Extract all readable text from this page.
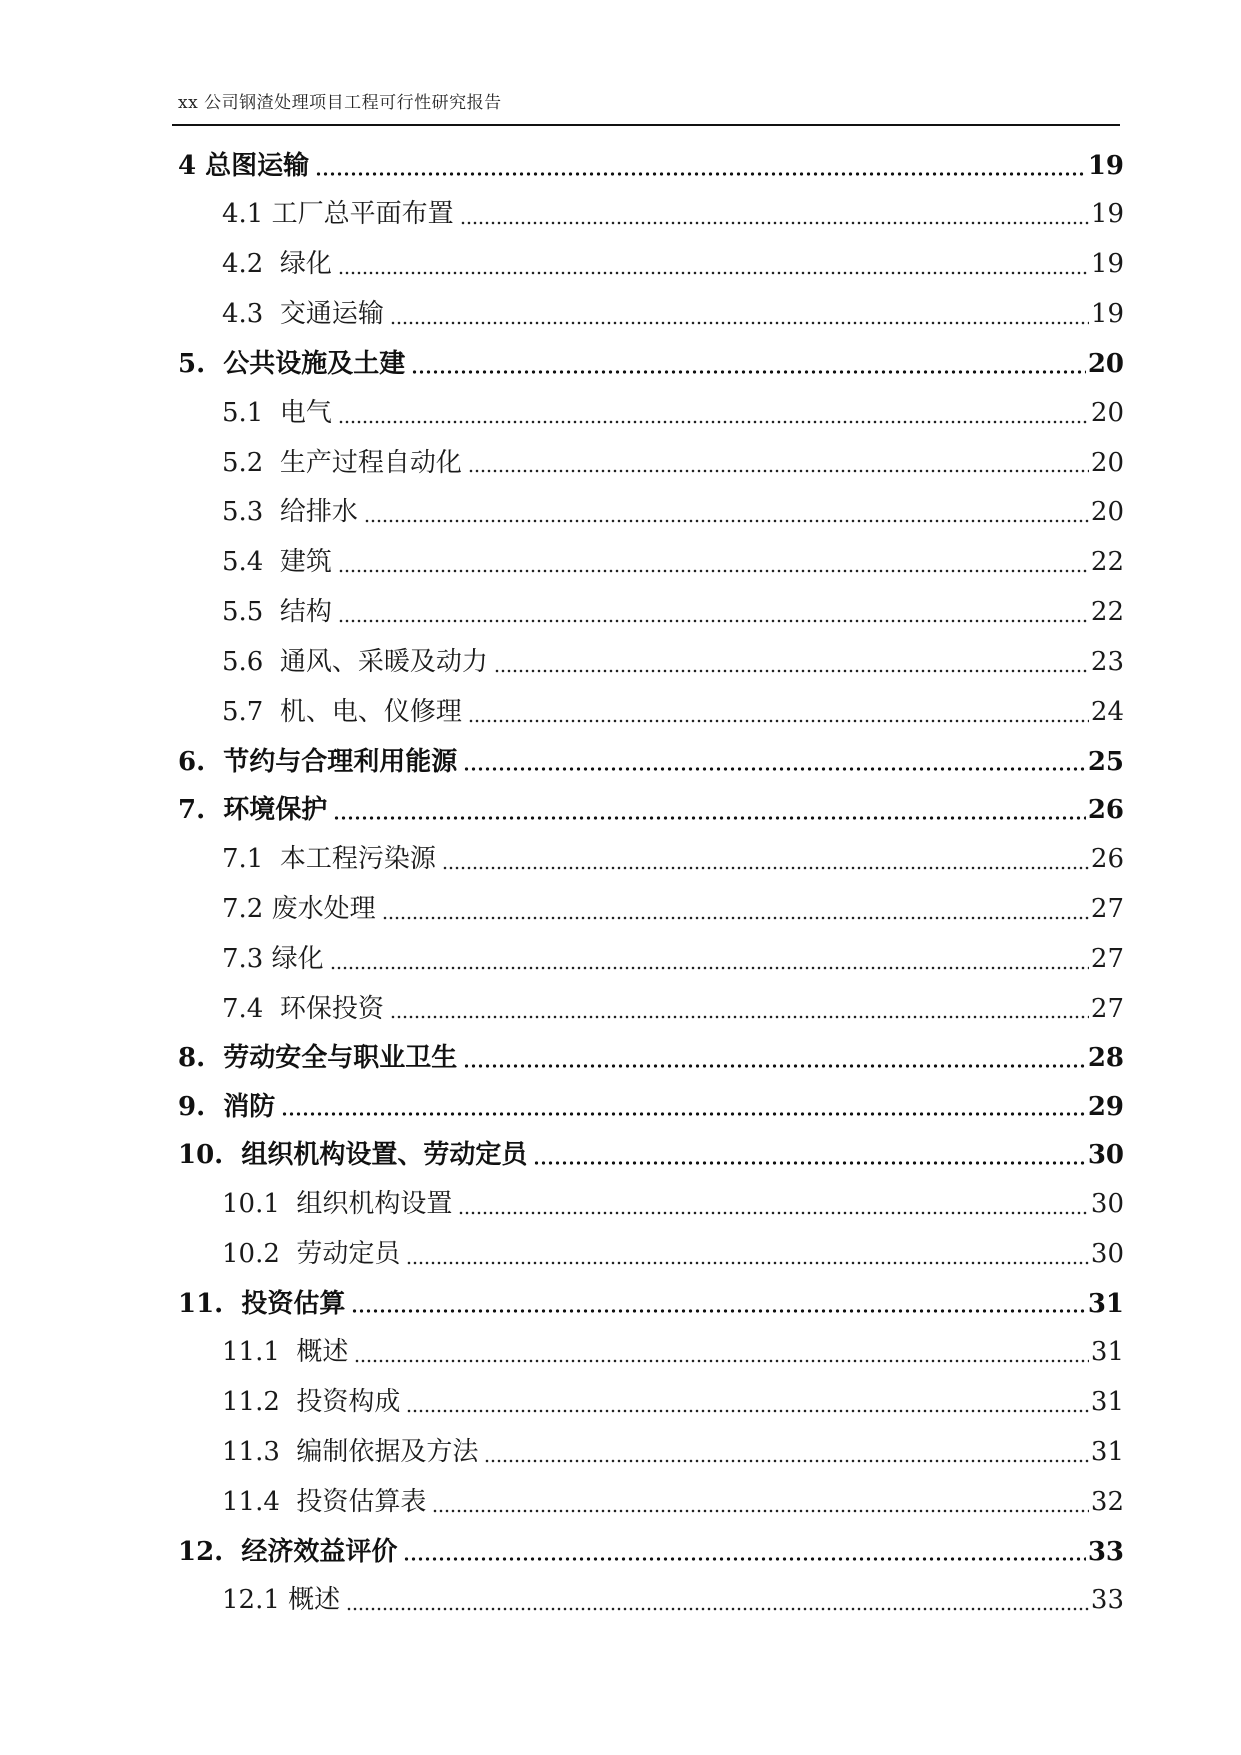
xx 公司钢渣处理项目工程可行性研究报告
4 总图运输	19
4.1 工厂总平面布置	19
4.2  绿化	19
4.3  交通运输	19
5.  公共设施及土建	20
5.1  电气	20
5.2  生产过程自动化	20
5.3  给排水	20
5.4  建筑	22
5.5  结构	22
5.6  通风、采暖及动力	23
5.7  机、电、仪修理	24
6.  节约与合理利用能源	25
7.  环境保护	26
7.1  本工程污染源	26
7.2 废水处理	27
7.3 绿化	27
7.4  环保投资	27
8.  劳动安全与职业卫生	28
9.  消防	29
10.  组织机构设置、劳动定员	30
10.1  组织机构设置	30
10.2  劳动定员	30
11.  投资估算	31
11.1  概述	31
11.2  投资构成	31
11.3  编制依据及方法	31
11.4  投资估算表	32
12.  经济效益评价	33
12.1 概述	33
